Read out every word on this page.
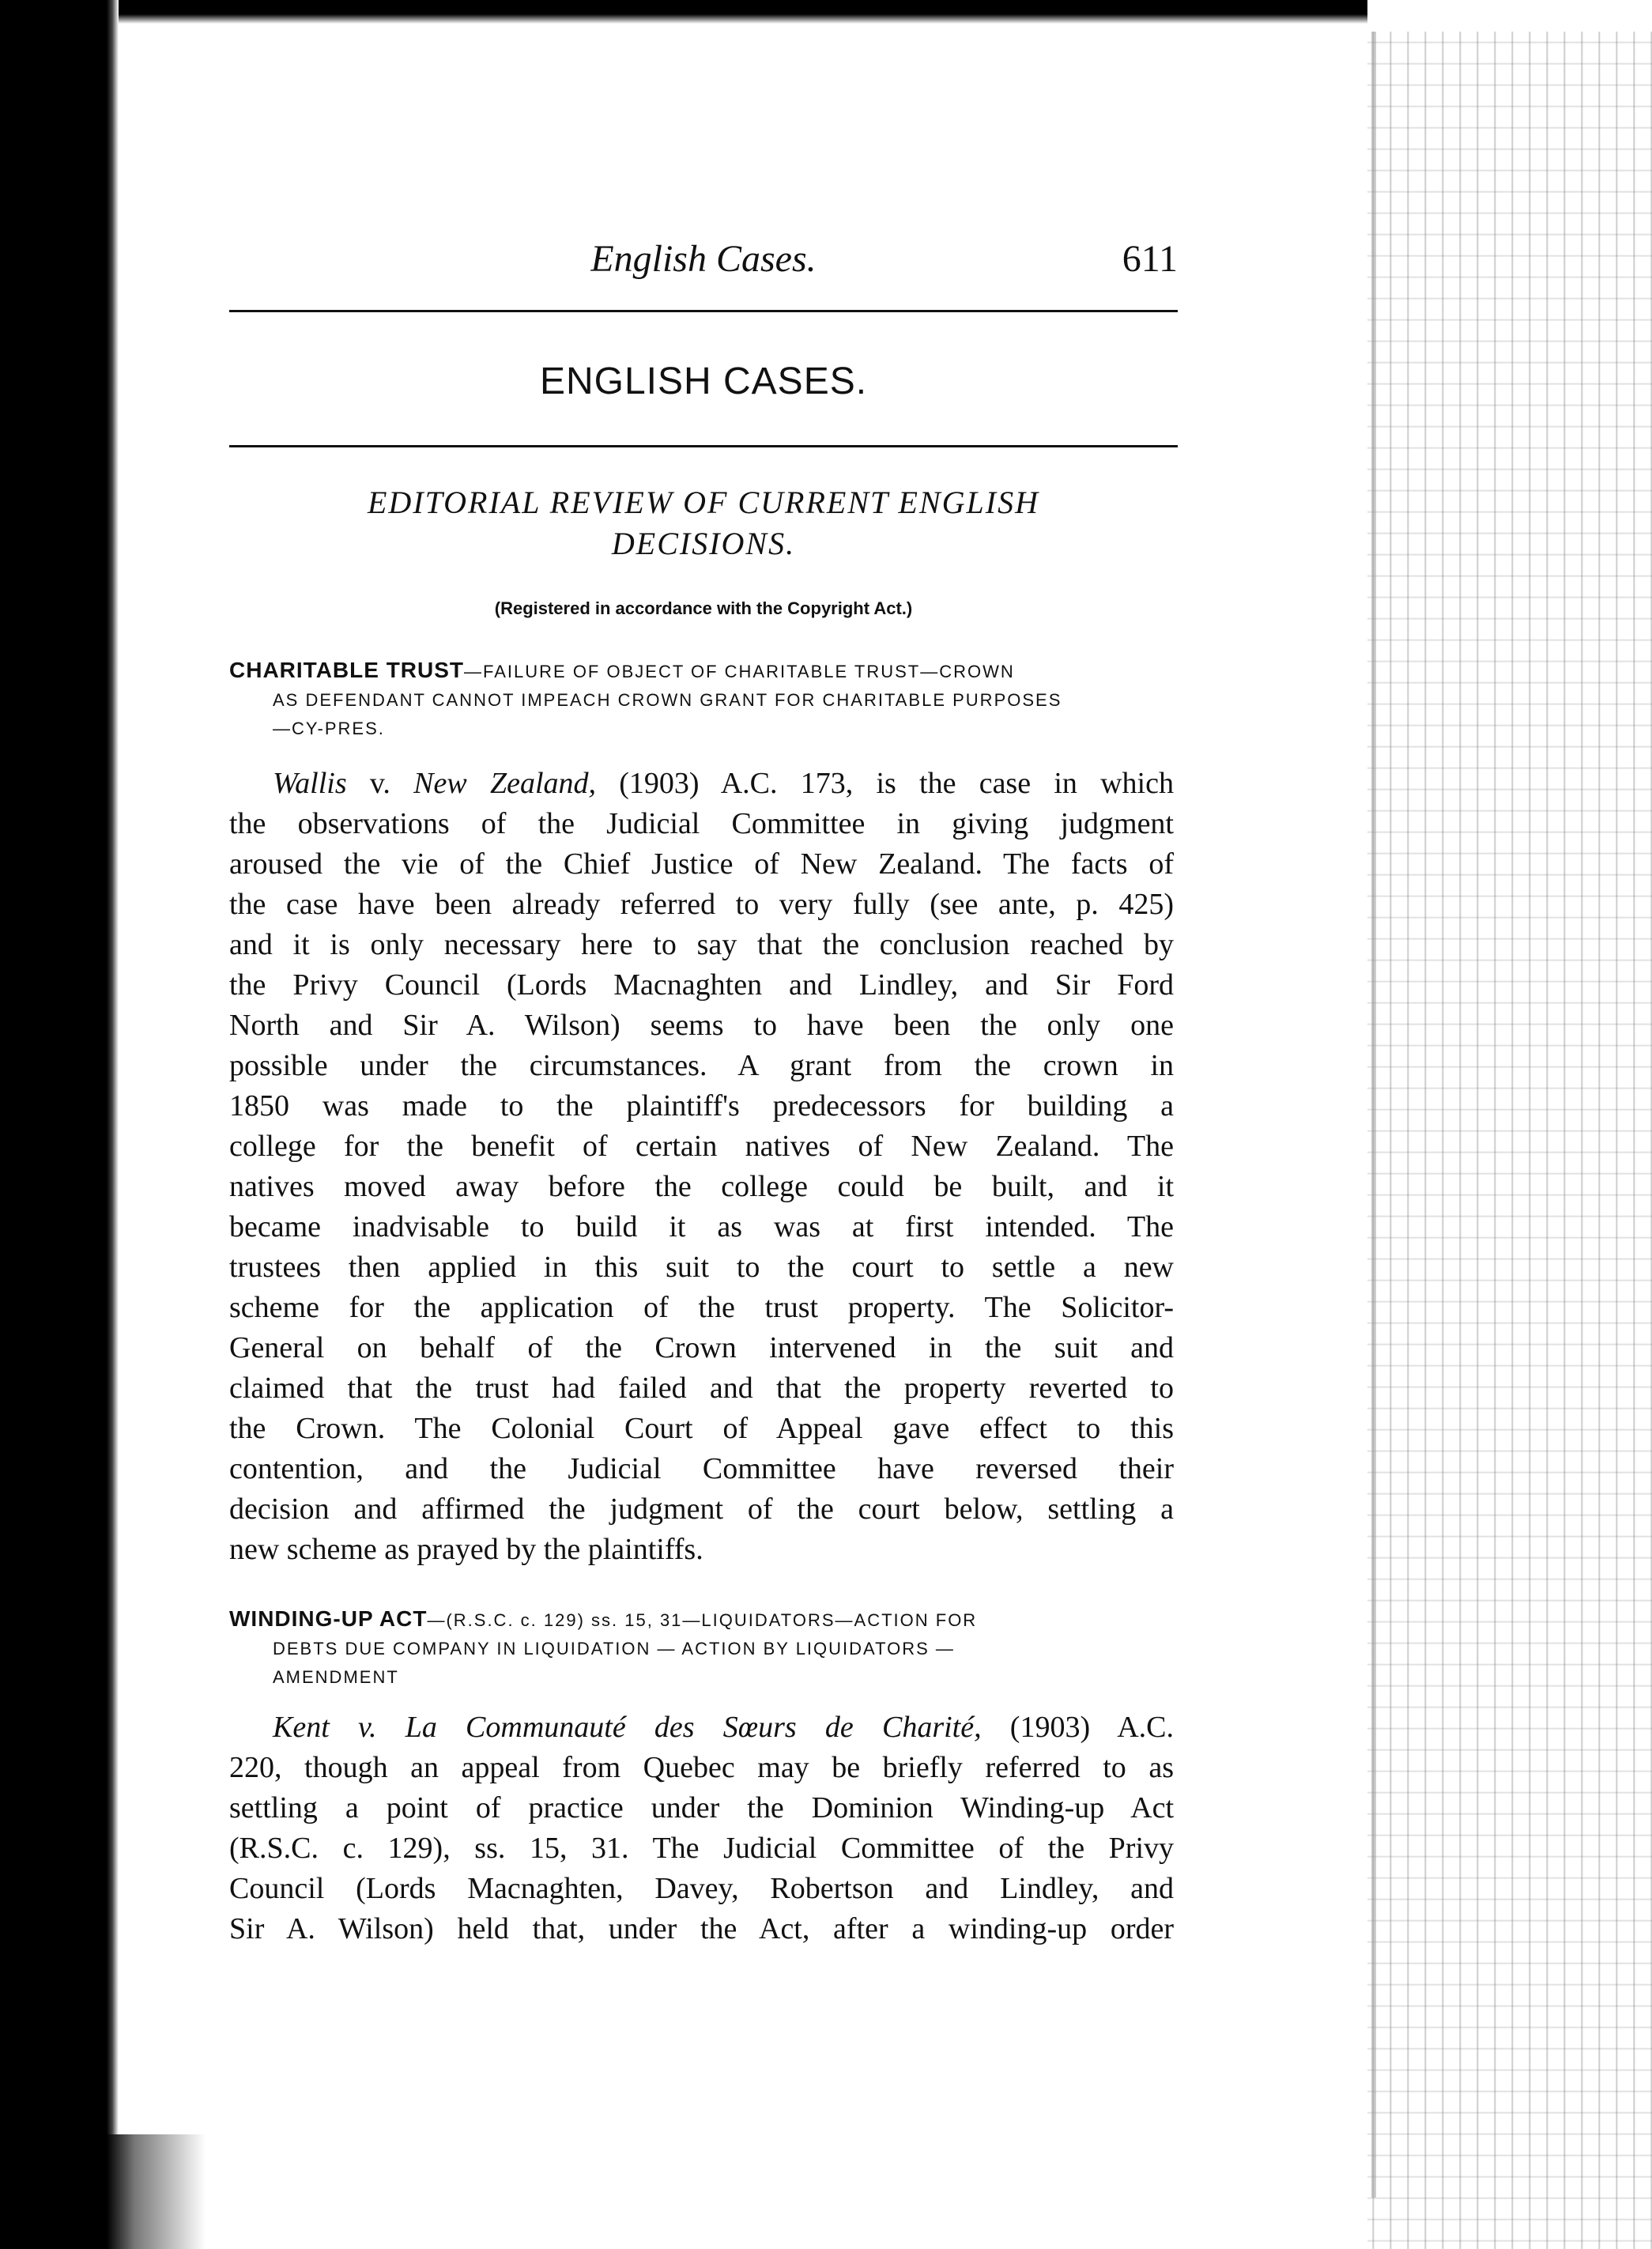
English Cases.	611
ENGLISH CASES.
EDITORIAL REVIEW OF CURRENT ENGLISH
DECISIONS.
(Registered in accordance with the Copyright Act.)
CHARITABLE TRUST—FAILURE OF OBJECT OF CHARITABLE TRUST—CROWN
AS DEFENDANT CANNOT IMPEACH CROWN GRANT FOR CHARITABLE PURPOSES
—CY-PRES.
Wallis v. New Zealand, (1903) A.C. 173, is the case in which
the observations of the Judicial Committee in giving judgment
aroused the vie of the Chief Justice of New Zealand. The facts of
the case have been already referred to very fully (see ante, p. 425)
and it is only necessary here to say that the conclusion reached by
the Privy Council (Lords Macnaghten and Lindley, and Sir Ford
North and Sir A. Wilson) seems to have been the only one
possible under the circumstances. A grant from the crown in
1850 was made to the plaintiff's predecessors for building a
college for the benefit of certain natives of New Zealand. The
natives moved away before the college could be built, and it
became inadvisable to build it as was at first intended. The
trustees then applied in this suit to the court to settle a new
scheme for the application of the trust property. The Solicitor-
General on behalf of the Crown intervened in the suit and
claimed that the trust had failed and that the property reverted to
the Crown. The Colonial Court of Appeal gave effect to this
contention, and the Judicial Committee have reversed their
decision and affirmed the judgment of the court below, settling a
new scheme as prayed by the plaintiffs.
WINDING-UP ACT—(R.S.C. c. 129) ss. 15, 31—LIQUIDATORS—ACTION FOR
DEBTS DUE COMPANY IN LIQUIDATION — ACTION BY LIQUIDATORS —
AMENDMENT
Kent v. La Communauté des Sœurs de Charité, (1903) A.C.
220, though an appeal from Quebec may be briefly referred to as
settling a point of practice under the Dominion Winding-up Act
(R.S.C. c. 129), ss. 15, 31. The Judicial Committee of the Privy
Council (Lords Macnaghten, Davey, Robertson and Lindley, and
Sir A. Wilson) held that, under the Act, after a winding-up order
